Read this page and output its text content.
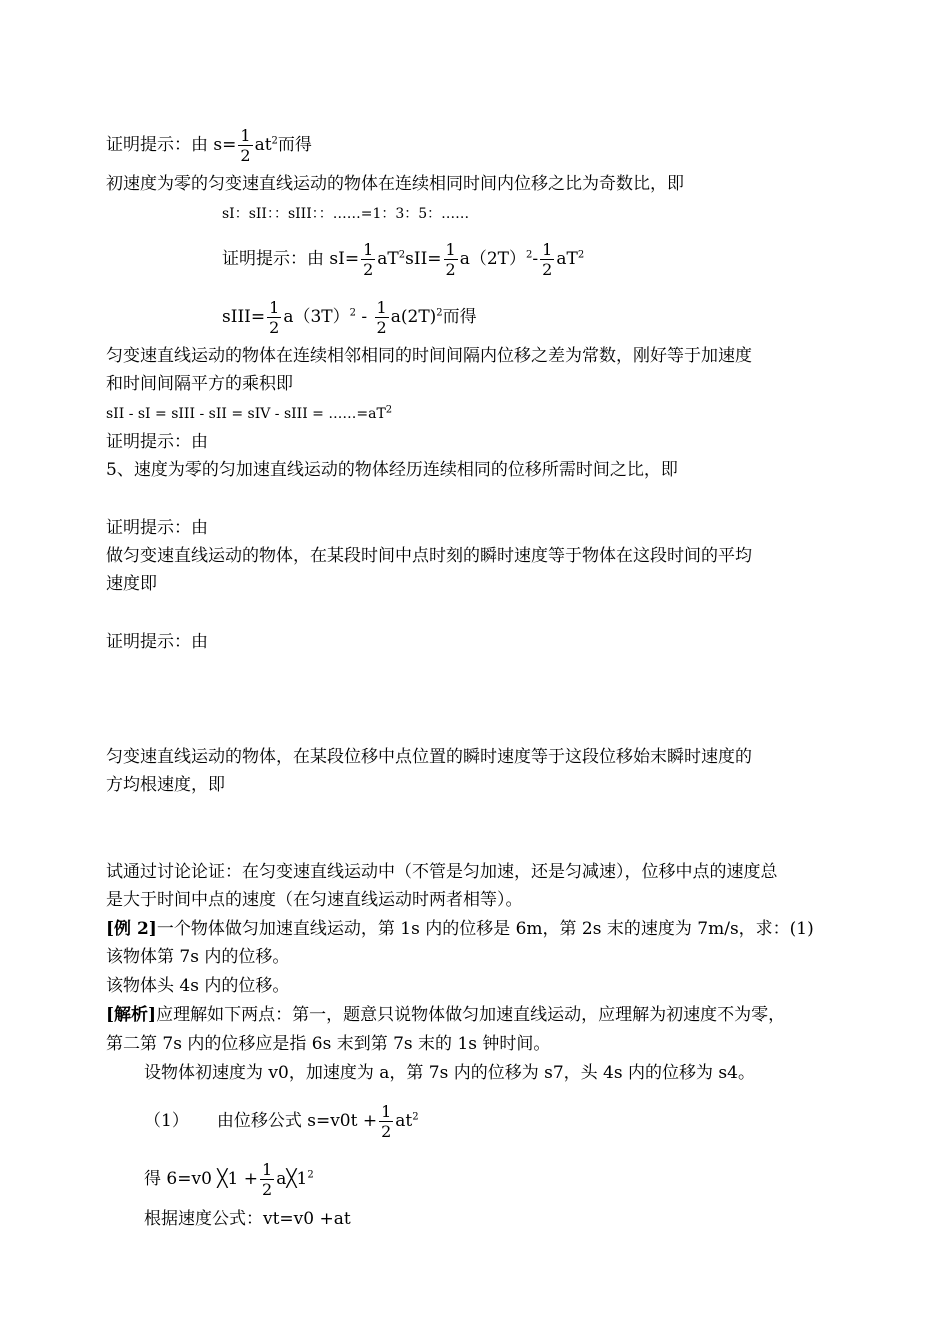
证明提示：由 $s= \frac{1}{2} at^2$而得
初速度为零的匀变速直线运动的物体在连续相同时间内位移之比为奇数比，即
sI：sII：：sIII：：……=1：3：5：……
证明提示：由 $sI= \frac{1}{2} aT^2sII= \frac{1}{2} a(2T)^2- \frac{1}{2} aT^2$
sIII= $\frac{1}{2} a(3T)^2 - \frac{1}{2} a(2T)^2$而得
匀变速直线运动的物体在连续相邻相同的时间间隔内位移之差为常数，刚好等于加速度
和时间间隔平方的乘积即
sII - sI = sIII - sII = sIV - sIII = $\dots\dots=aT^2$
证明提示：由
5、速度为零的匀加速直线运动的物体经历连续相同的位移所需时间之比，即
证明提示：由
做匀变速直线运动的物体，在某段时间中点时刻的瞬时速度等于物体在这段时间的平均
速度即
证明提示：由
匀变速直线运动的物体，在某段位移中点位置的瞬时速度等于这段位移始末瞬时速度的
方均根速度，即
试通过讨论论证：在匀变速直线运动中（不管是匀加速，还是匀减速），位移中点的速度总
是大于时间中点的速度（在匀速直线运动时两者相等）。
[例 2]一个物体做匀加速直线运动，第 1s 内的位移是 6m，第 2s 末的速度为 7m/s，求：(1)
该物体第 7s 内的位移。
该物体头 4s 内的位移。
[解析]应理解如下两点：第一，题意只说物体做匀加速直线运动，应理解为初速度不为零，
第二第 7s 内的位移应是指 6s 末到第 7s 末的 1s 钟时间。
设物体初速度为 v0，加速度为 a，第 7s 内的位移为 s7，头 4s 内的位移为 s4。
（1） 由位移公式 $s=v0t + \frac{1}{2} at^2$
得 6=v0 ╳1 + $\frac{1}{2}$ $a╳1^2$
根据速度公式：vt=v0 +at
